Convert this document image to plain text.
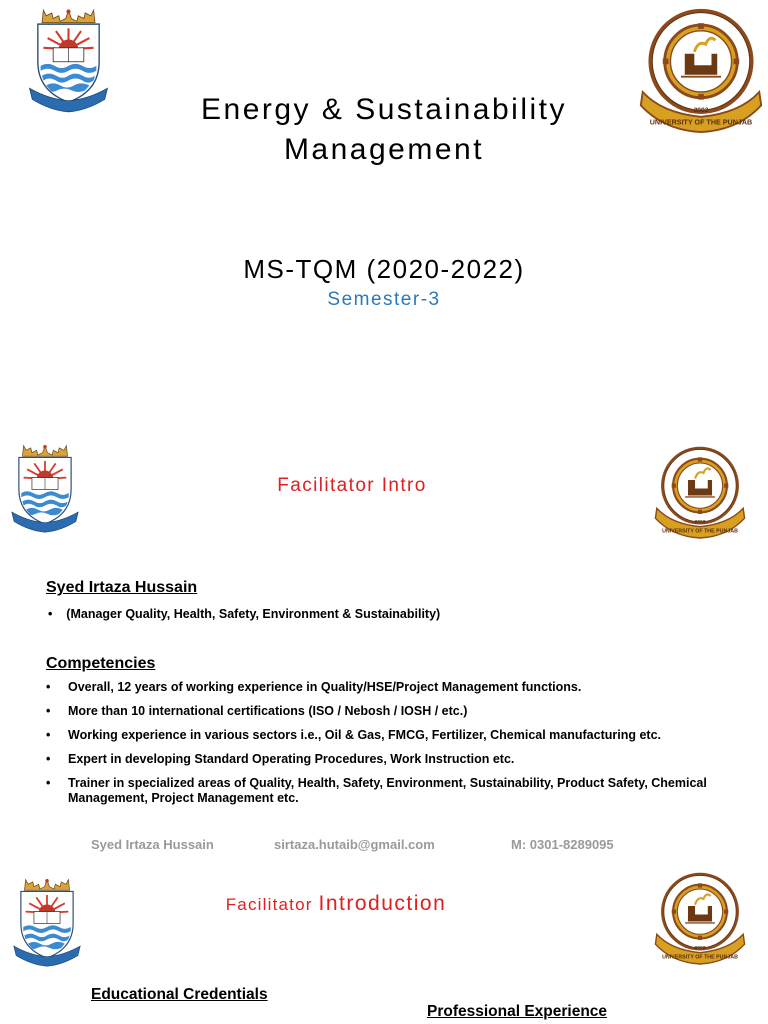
2002
UNIVERSITY OF THE PUNJAB
Energy & Sustainability
Management
MS-TQM (2020-2022)
Semester-3
2002
UNIVERSITY OF THE PUNJAB
Facilitator Intro
Syed Irtaza Hussain
• (Manager Quality, Health, Safety, Environment & Sustainability)
Competencies
• Overall, 12 years of working experience in Quality/HSE/Project Management functions.
• More than 10 international certifications (ISO / Nebosh / IOSH / etc.)
• Working experience in various sectors i.e., Oil & Gas, FMCG, Fertilizer, Chemical manufacturing etc.
• Expert in developing Standard Operating Procedures, Work Instruction etc.
• Trainer in specialized areas of Quality, Health, Safety, Environment, Sustainability, Product Safety, Chemical Management, Project Management etc.
Syed Irtaza Hussain	sirtaza.hutaib@gmail.com	M: 0301-8289095
2002
UNIVERSITY OF THE PUNJAB
Facilitator Introduction
Educational Credentials
Professional Experience
